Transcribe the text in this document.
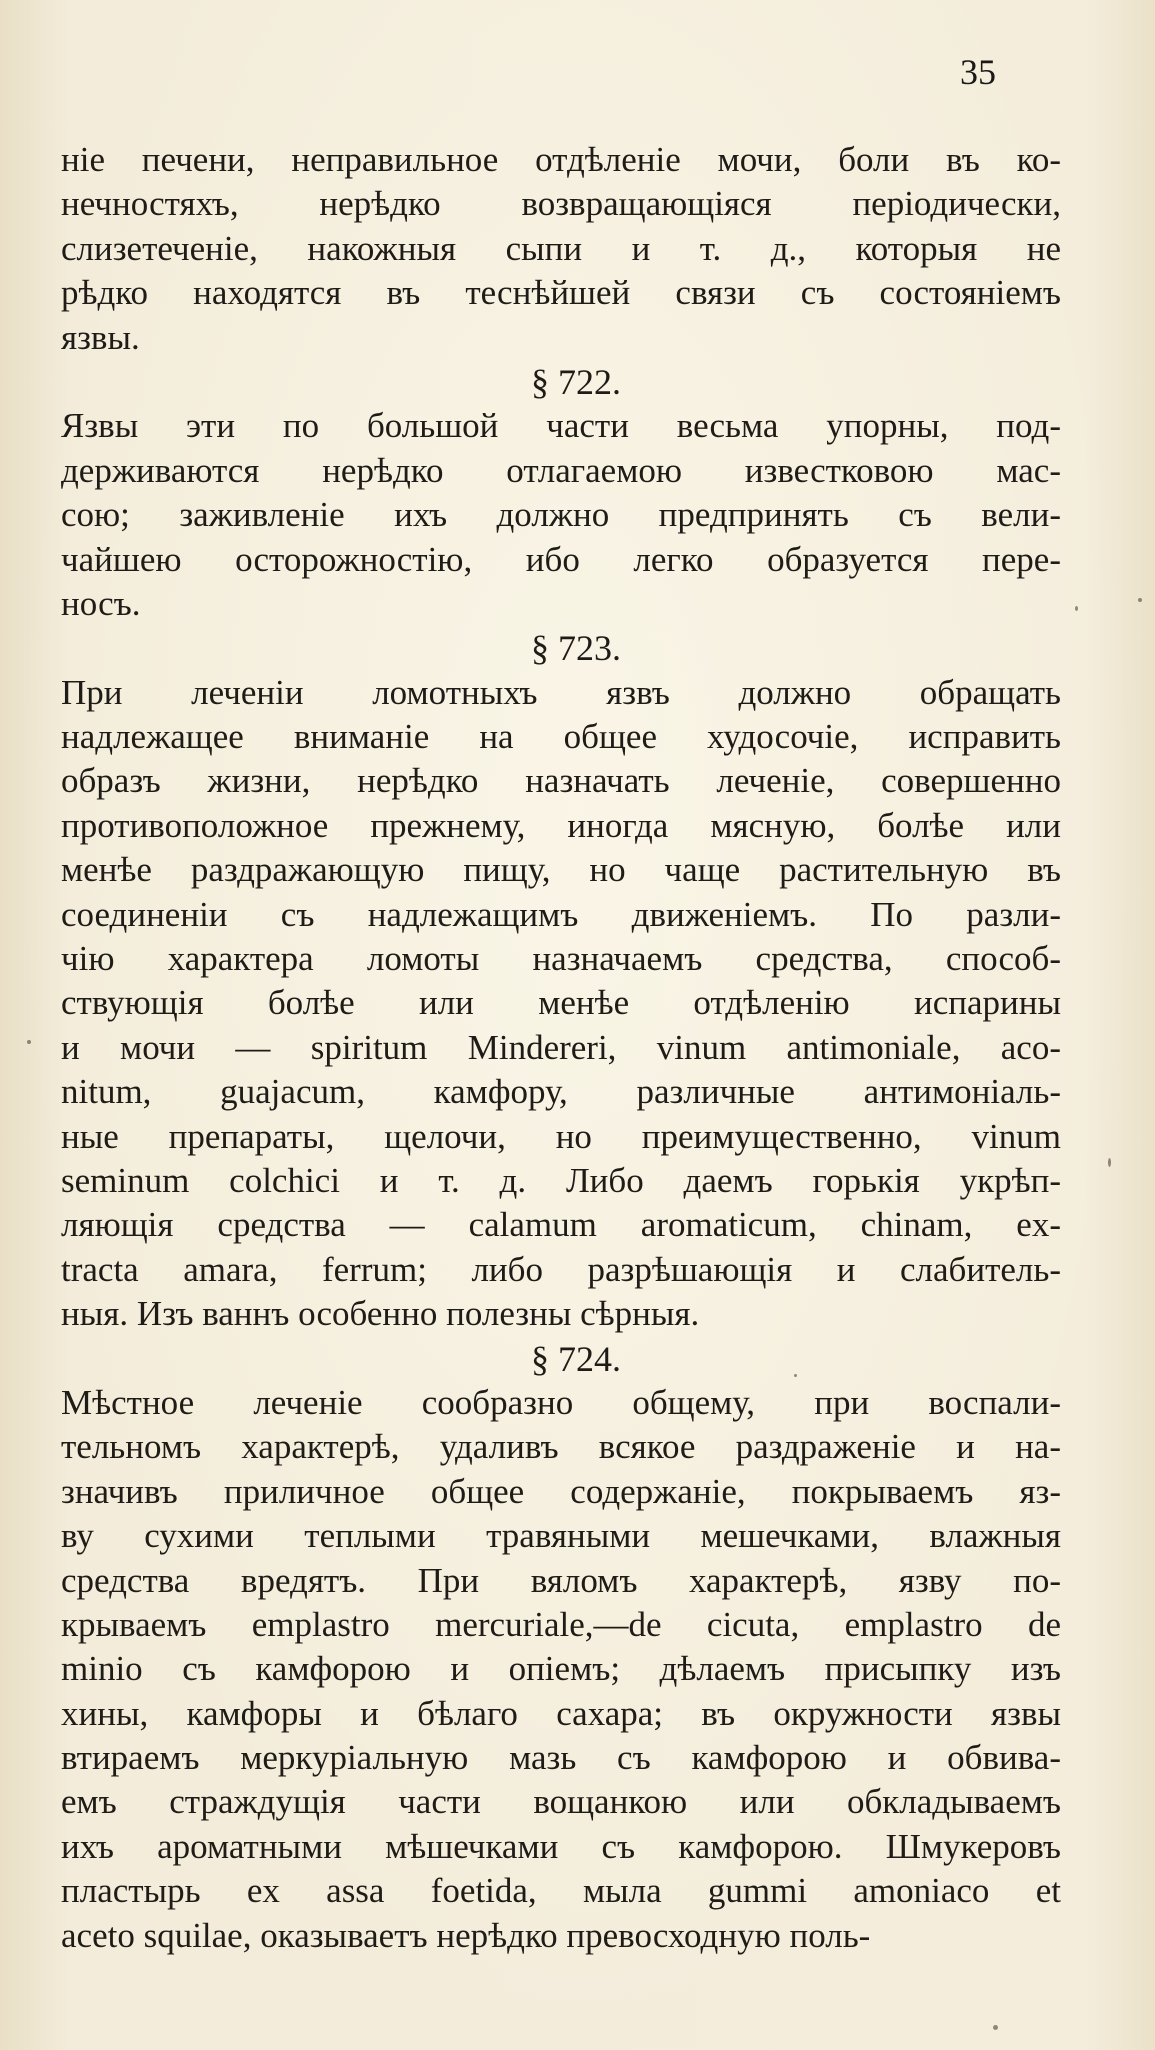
35
ніе печени, неправильное отдѣленіе мочи, боли въ ко-
нечностяхъ, нерѣдко возвращающіяся періодически,
слизетеченіе, накожныя сыпи и т. д., которыя не
рѣдко находятся въ теснѣйшей связи съ состояніемъ
язвы.
§ 722.
Язвы эти по большой части весьма упорны, под-
держиваются нерѣдко отлагаемою известковою мас-
сою; заживленіе ихъ должно предпринять съ вели-
чайшею осторожностію, ибо легко образуется пере-
носъ.
§ 723.
При леченіи ломотныхъ язвъ должно обращать
надлежащее вниманіе на общее худосочіе, исправить
образъ жизни, нерѣдко назначать леченіе, совершенно
противоположное прежнему, иногда мясную, болѣе или
менѣе раздражающую пищу, но чаще растительную въ
соединеніи съ надлежащимъ движеніемъ. По разли-
чію характера ломоты назначаемъ средства, способ-
ствующія болѣе или менѣе отдѣленію испарины
и мочи — spiritum Mindereri, vinum antimoniale, aco-
nitum, guajacum, камфору, различные антимоніаль-
ные препараты, щелочи, но преимущественно, vinum
seminum colchici и т. д. Либо даемъ горькія укрѣп-
ляющія средства — calamum aromaticum, chinam, ex-
tracta amara, ferrum; либо разрѣшающія и слабитель-
ныя. Изъ ваннъ особенно полезны сѣрныя.
§ 724.
Мѣстное леченіе сообразно общему, при воспали-
тельномъ характерѣ, удаливъ всякое раздраженіе и на-
значивъ приличное общее содержаніе, покрываемъ яз-
ву сухими теплыми травяными мешечками, влажныя
средства вредятъ. При вяломъ характерѣ, язву по-
крываемъ emplastro mercuriale,—de cicuta, emplastro de
minio съ камфорою и опіемъ; дѣлаемъ присыпку изъ
хины, камфоры и бѣлаго сахара; въ окружности язвы
втираемъ меркуріальную мазь съ камфорою и обвива-
емъ страждущія части вощанкою или обкладываемъ
ихъ ароматными мѣшечками съ камфорою. Шмукеровъ
пластырь ex assa foetida, мыла gummi amoniaco et
aceto squilae, оказываетъ нерѣдко превосходную поль-
